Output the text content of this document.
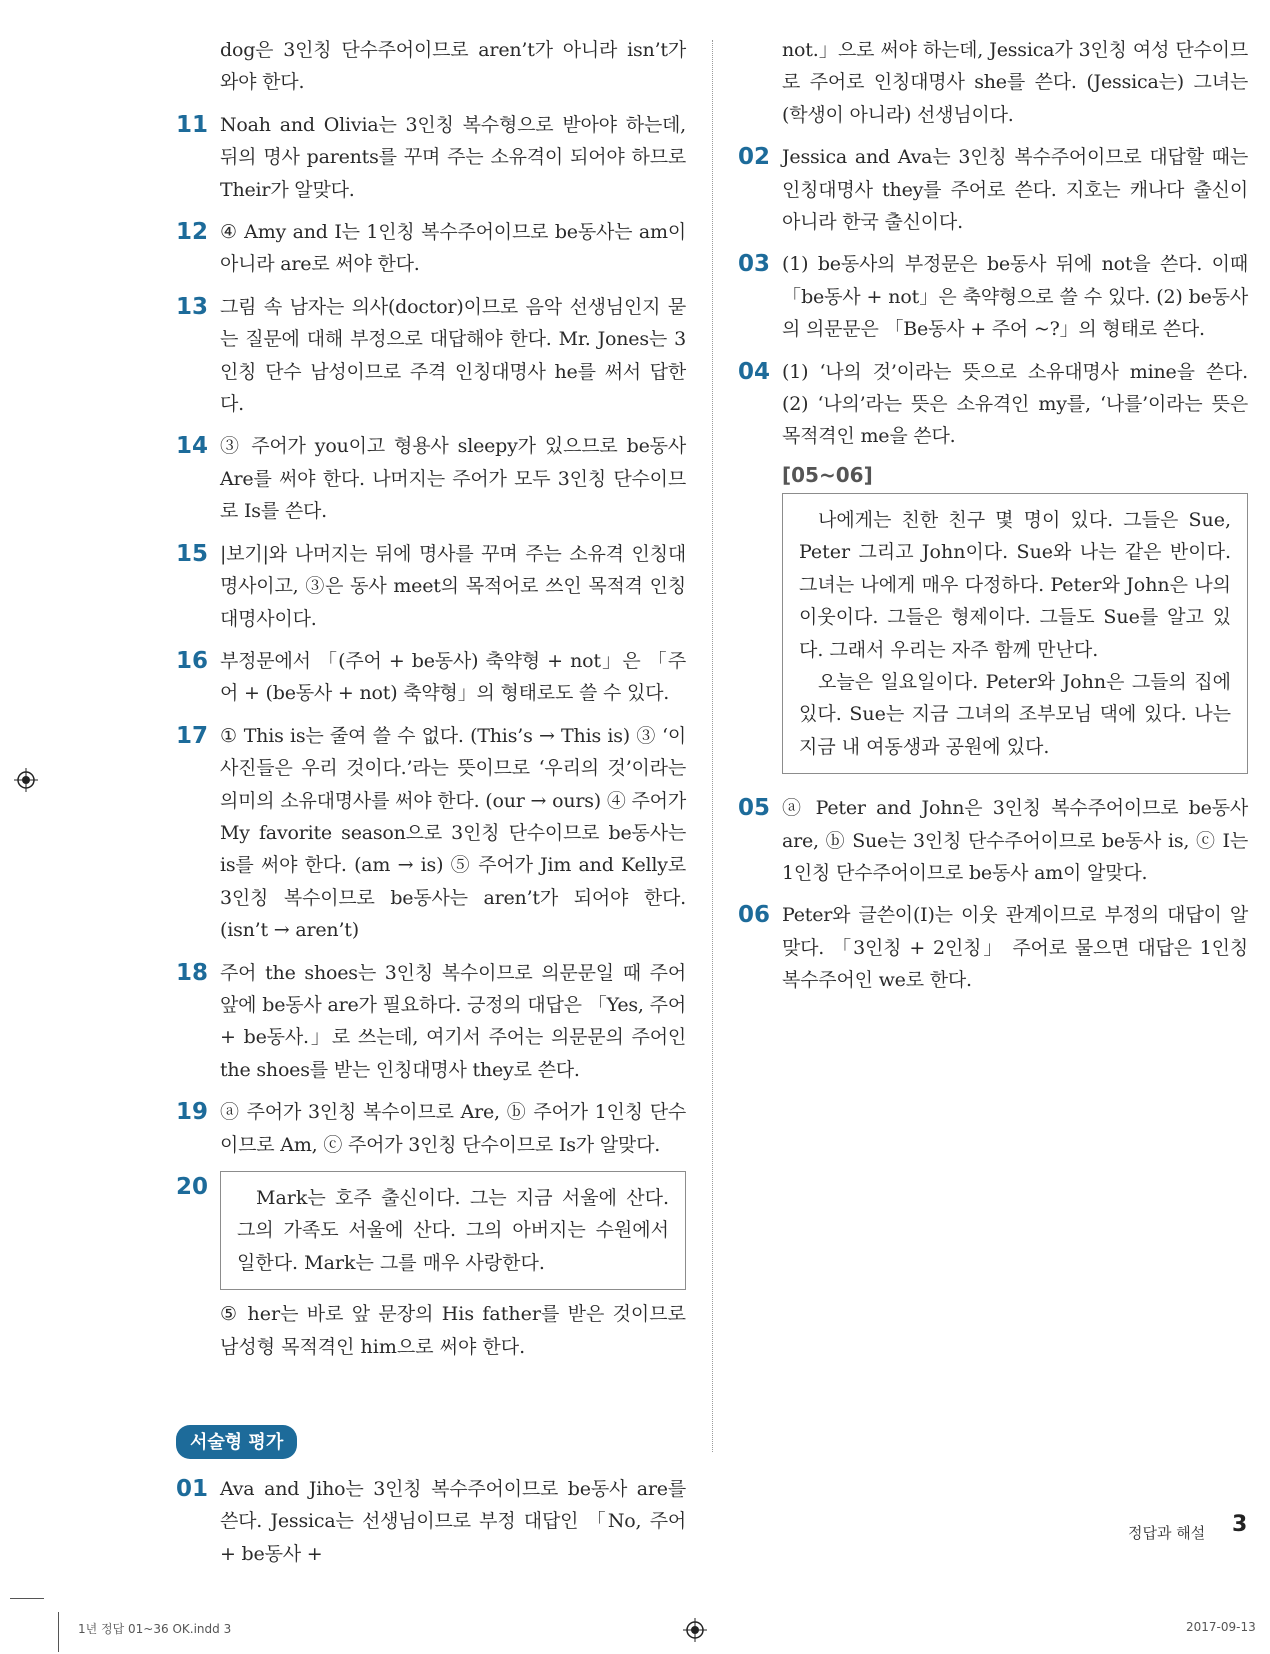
dog은 3인칭 단수주어이므로 aren’t가 아니라 isn’t가 와야 한다.
11 Noah and Olivia는 3인칭 복수형으로 받아야 하는데, 뒤의 명사 parents를 꾸며 주는 소유격이 되어야 하므로 Their가 알맞다.
12 ④ Amy and I는 1인칭 복수주어이므로 be동사는 am이 아니라 are로 써야 한다.
13 그림 속 남자는 의사(doctor)이므로 음악 선생님인지 묻는 질문에 대해 부정으로 대답해야 한다. Mr. Jones는 3인칭 단수 남성이므로 주격 인칭대명사 he를 써서 답한다.
14 ③ 주어가 you이고 형용사 sleepy가 있으므로 be동사 Are를 써야 한다. 나머지는 주어가 모두 3인칭 단수이므로 Is를 쓴다.
15 |보기|와 나머지는 뒤에 명사를 꾸며 주는 소유격 인칭대명사이고, ③은 동사 meet의 목적어로 쓰인 목적격 인칭대명사이다.
16 부정문에서 「(주어 + be동사) 축약형 + not」은 「주어 + (be동사 + not) 축약형」의 형태로도 쓸 수 있다.
17 ① This is는 줄여 쓸 수 없다. (This’s → This is) ③ ‘이 사진들은 우리 것이다.’라는 뜻이므로 ‘우리의 것’이라는 의미의 소유대명사를 써야 한다. (our → ours) ④ 주어가 My favorite season으로 3인칭 단수이므로 be동사는 is를 써야 한다. (am → is) ⑤ 주어가 Jim and Kelly로 3인칭 복수이므로 be동사는 aren’t가 되어야 한다. (isn’t → aren’t)
18 주어 the shoes는 3인칭 복수이므로 의문문일 때 주어 앞에 be동사 are가 필요하다. 긍정의 대답은 「Yes, 주어 + be동사.」로 쓰는데, 여기서 주어는 의문문의 주어인 the shoes를 받는 인칭대명사 they로 쓴다.
19 ⓐ 주어가 3인칭 복수이므로 Are, ⓑ 주어가 1인칭 단수이므로 Am, ⓒ 주어가 3인칭 단수이므로 Is가 알맞다.
20	Mark는 호주 출신이다. 그는 지금 서울에 산다. 그의 가족도 서울에 산다. 그의 아버지는 수원에서 일한다. Mark는 그를 매우 사랑한다.

⑤ her는 바로 앞 문장의 His father를 받은 것이므로 남성형 목적격인 him으로 써야 한다.
서술형 평가
01 Ava and Jiho는 3인칭 복수주어이므로 be동사 are를 쓴다. Jessica는 선생님이므로 부정 대답인 「No, 주어 + be동사 +
not.」으로 써야 하는데, Jessica가 3인칭 여성 단수이므로 주어로 인칭대명사 she를 쓴다. (Jessica는) 그녀는 (학생이 아니라) 선생님이다.
02 Jessica and Ava는 3인칭 복수주어이므로 대답할 때는 인칭대명사 they를 주어로 쓴다. 지호는 캐나다 출신이 아니라 한국 출신이다.
03 (1) be동사의 부정문은 be동사 뒤에 not을 쓴다. 이때 「be동사 + not」은 축약형으로 쓸 수 있다. (2) be동사의 의문문은 「Be동사 + 주어 ~?」의 형태로 쓴다.
04 (1) ‘나의 것’이라는 뜻으로 소유대명사 mine을 쓴다. (2) ‘나의’라는 뜻은 소유격인 my를, ‘나를’이라는 뜻은 목적격인 me을 쓴다.
[05~06]

나에게는 친한 친구 몇 명이 있다. 그들은 Sue, Peter 그리고 John이다. Sue와 나는 같은 반이다. 그녀는 나에게 매우 다정하다. Peter와 John은 나의 이웃이다. 그들은 형제이다. 그들도 Sue를 알고 있다. 그래서 우리는 자주 함께 만난다.

오늘은 일요일이다. Peter와 John은 그들의 집에 있다. Sue는 지금 그녀의 조부모님 댁에 있다. 나는 지금 내 여동생과 공원에 있다.

05 ⓐ Peter and John은 3인칭 복수주어이므로 be동사 are, ⓑ Sue는 3인칭 단수주어이므로 be동사 is, ⓒ I는 1인칭 단수주어이므로 be동사 am이 알맞다.
06 Peter와 글쓴이(I)는 이웃 관계이므로 부정의 대답이 알맞다. 「3인칭 + 2인칭」 주어로 물으면 대답은 1인칭 복수주어인 we로 한다.
정답과 해설 3
1년 정답 01~36 OK.indd 3	2017-09-13
